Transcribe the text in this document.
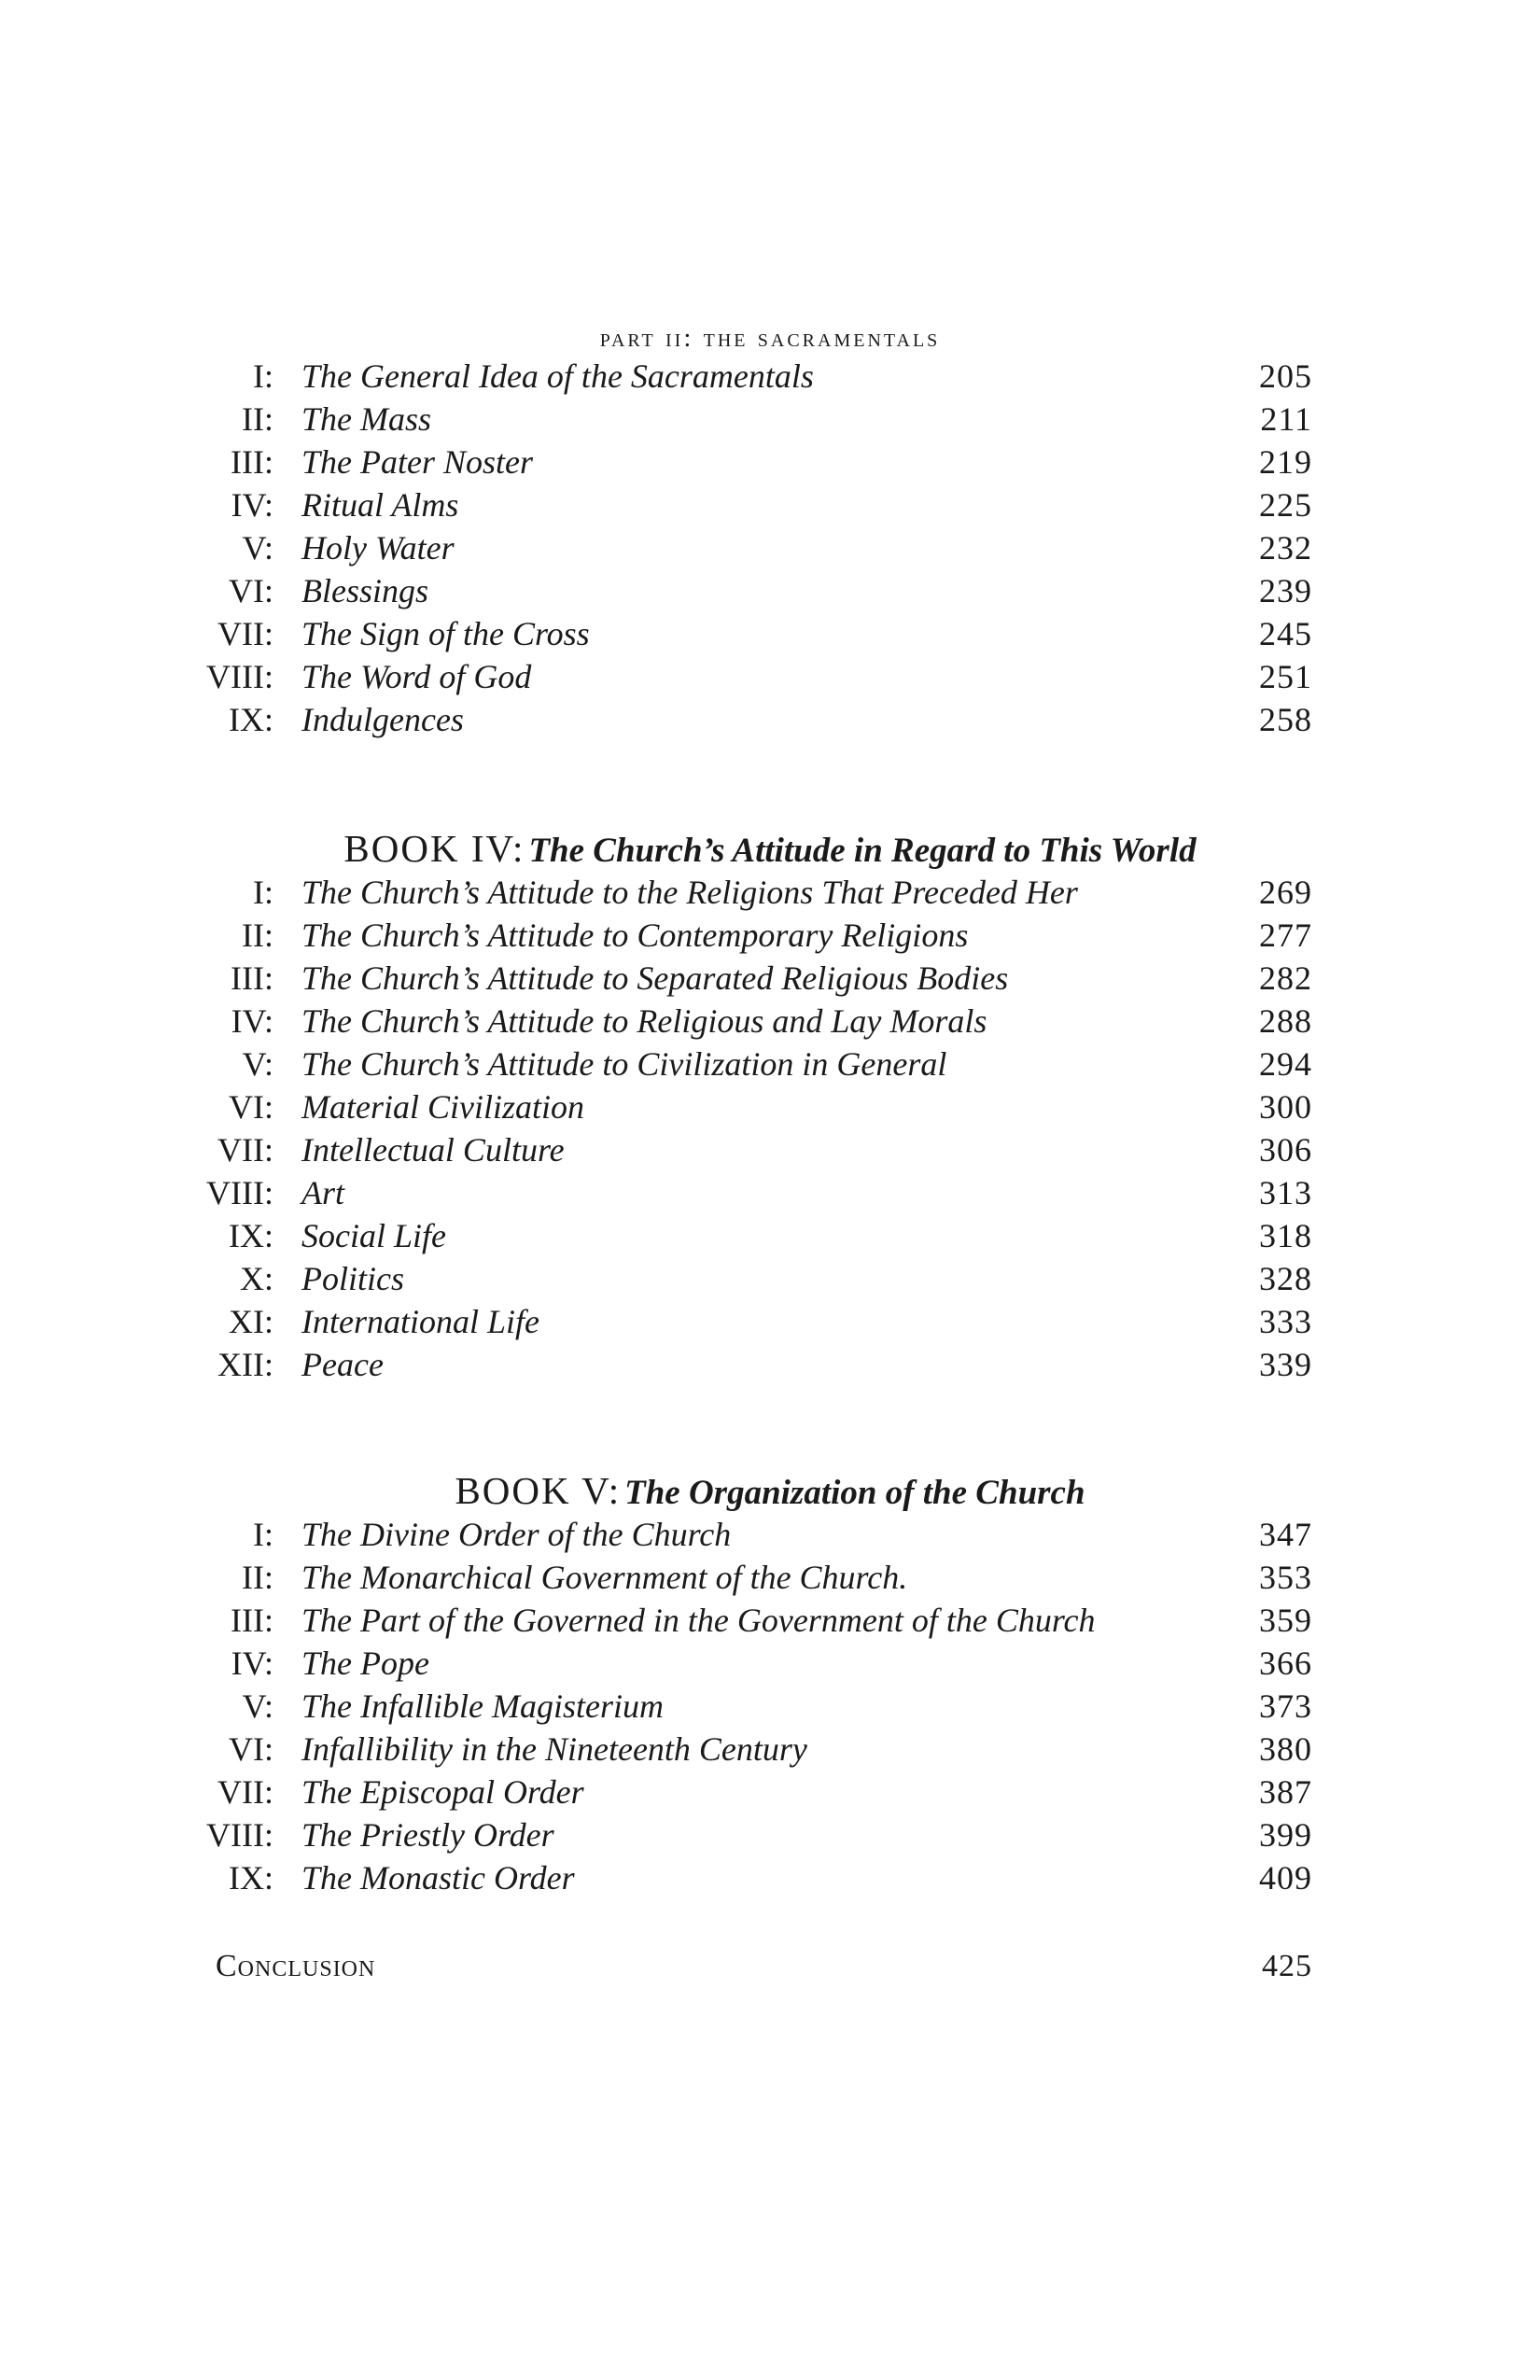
part ii: the sacramentals
I: The General Idea of the Sacramentals	205
II: The Mass	211
III: The Pater Noster	219
IV: Ritual Alms	225
V: Holy Water	232
VI: Blessings	239
VII: The Sign of the Cross	245
VIII: The Word of God	251
IX: Indulgences	258
BOOK IV: The Church’s Attitude in Regard to This World
I: The Church’s Attitude to the Religions That Preceded Her	269
II: The Church’s Attitude to Contemporary Religions	277
III: The Church’s Attitude to Separated Religious Bodies	282
IV: The Church’s Attitude to Religious and Lay Morals	288
V: The Church’s Attitude to Civilization in General	294
VI: Material Civilization	300
VII: Intellectual Culture	306
VIII: Art	313
IX: Social Life	318
X: Politics	328
XI: International Life	333
XII: Peace	339
BOOK V: The Organization of the Church
I: The Divine Order of the Church	347
II: The Monarchical Government of the Church.	353
III: The Part of the Governed in the Government of the Church	359
IV: The Pope	366
V: The Infallible Magisterium	373
VI: Infallibility in the Nineteenth Century	380
VII: The Episcopal Order	387
VIII: The Priestly Order	399
IX: The Monastic Order	409
Conclusion	425
